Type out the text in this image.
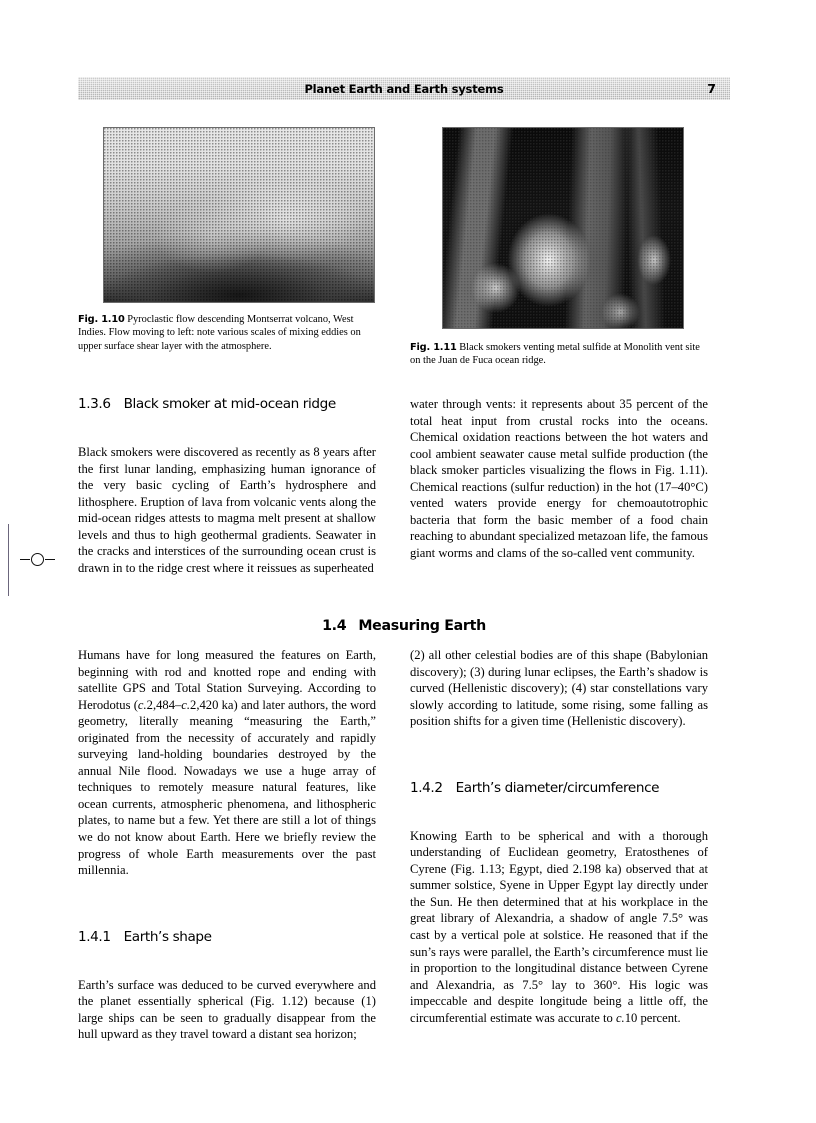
Planet Earth and Earth systems	7
Fig. 1.10 Pyroclastic flow descending Montserrat volcano, West Indies. Flow moving to left: note various scales of mixing eddies on upper surface shear layer with the atmosphere.	Fig. 1.11 Black smokers venting metal sulfide at Monolith vent site on the Juan de Fuca ocean ridge.
1.3.6 Black smoker at mid-ocean ridge

Black smokers were discovered as recently as 8 years after the first lunar landing, emphasizing human ignorance of the very basic cycling of Earth’s hydrosphere and lithosphere. Eruption of lava from volcanic vents along the mid-ocean ridges attests to magma melt present at shallow levels and thus to high geothermal gradients. Seawater in the cracks and interstices of the surrounding ocean crust is drawn in to the ridge crest where it reissues as superheated

water through vents: it represents about 35 percent of the total heat input from crustal rocks into the oceans. Chemical oxidation reactions between the hot waters and cool ambient seawater cause metal sulfide production (the black smoker particles visualizing the flows in Fig. 1.11). Chemical reactions (sulfur reduction) in the hot (17–40°C) vented waters provide energy for chemoautotrophic bacteria that form the basic member of a food chain reaching to abundant specialized metazoan life, the famous giant worms and clams of the so-called vent community.

1.4 Measuring Earth

Humans have for long measured the features on Earth, beginning with rod and knotted rope and ending with satellite GPS and Total Station Surveying. According to Herodotus (c.2,484–c.2,420 ka) and later authors, the word geometry, literally meaning “measuring the Earth,” originated from the necessity of accurately and rapidly surveying land-holding boundaries destroyed by the annual Nile flood. Nowadays we use a huge array of techniques to remotely measure natural features, like ocean currents, atmospheric phenomena, and lithospheric plates, to name but a few. Yet there are still a lot of things we do not know about Earth. Here we briefly review the progress of whole Earth measurements over the past millennia.

1.4.1 Earth’s shape

Earth’s surface was deduced to be curved everywhere and the planet essentially spherical (Fig. 1.12) because (1) large ships can be seen to gradually disappear from the hull upward as they travel toward a distant sea horizon;

(2) all other celestial bodies are of this shape (Babylonian discovery); (3) during lunar eclipses, the Earth’s shadow is curved (Hellenistic discovery); (4) star constellations vary slowly according to latitude, some rising, some falling as position shifts for a given time (Hellenistic discovery).

1.4.2 Earth’s diameter/circumference

Knowing Earth to be spherical and with a thorough understanding of Euclidean geometry, Eratosthenes of Cyrene (Fig. 1.13; Egypt, died 2.198 ka) observed that at summer solstice, Syene in Upper Egypt lay directly under the Sun. He then determined that at his workplace in the great library of Alexandria, a shadow of angle 7.5° was cast by a vertical pole at solstice. He reasoned that if the sun’s rays were parallel, the Earth’s circumference must lie in proportion to the longitudinal distance between Cyrene and Alexandria, as 7.5° lay to 360°. His logic was impeccable and despite longitude being a little off, the circumferential estimate was accurate to c.10 percent.
